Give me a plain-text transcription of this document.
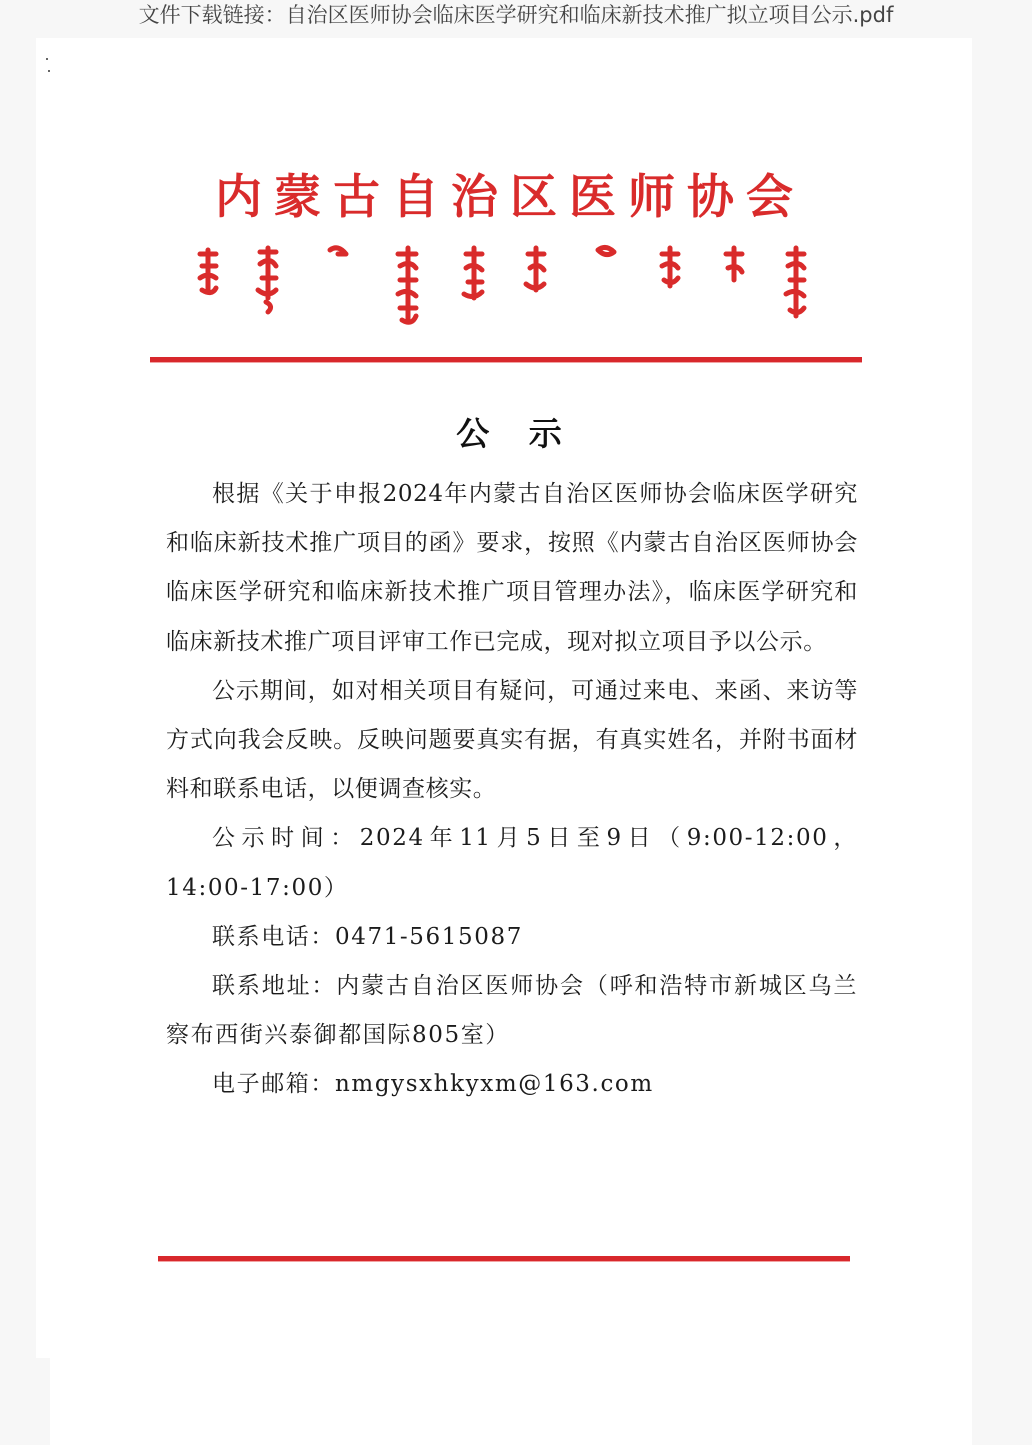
文件下载链接：自治区医师协会临床医学研究和临床新技术推广拟立项目公示.pdf
内蒙古自治区医师协会
公 示

根据《关于申报2024年内蒙古自治区医师协会临床医学研究和临床新技术推广项目的函》要求，按照《内蒙古自治区医师协会临床医学研究和临床新技术推广项目管理办法》，临床医学研究和临床新技术推广项目评审工作已完成，现对拟立项目予以公示。

公示期间，如对相关项目有疑问，可通过来电、来函、来访等方式向我会反映。反映问题要真实有据，有真实姓名，并附书面材料和联系电话，以便调查核实。

公示时间：2024年11月5日至9日（9:00-12:00，14:00-17:00）

联系电话：0471-5615087

联系地址：内蒙古自治区医师协会（呼和浩特市新城区乌兰察布西街兴泰御都国际805室）

电子邮箱：nmgysxhkyxm@163.com
